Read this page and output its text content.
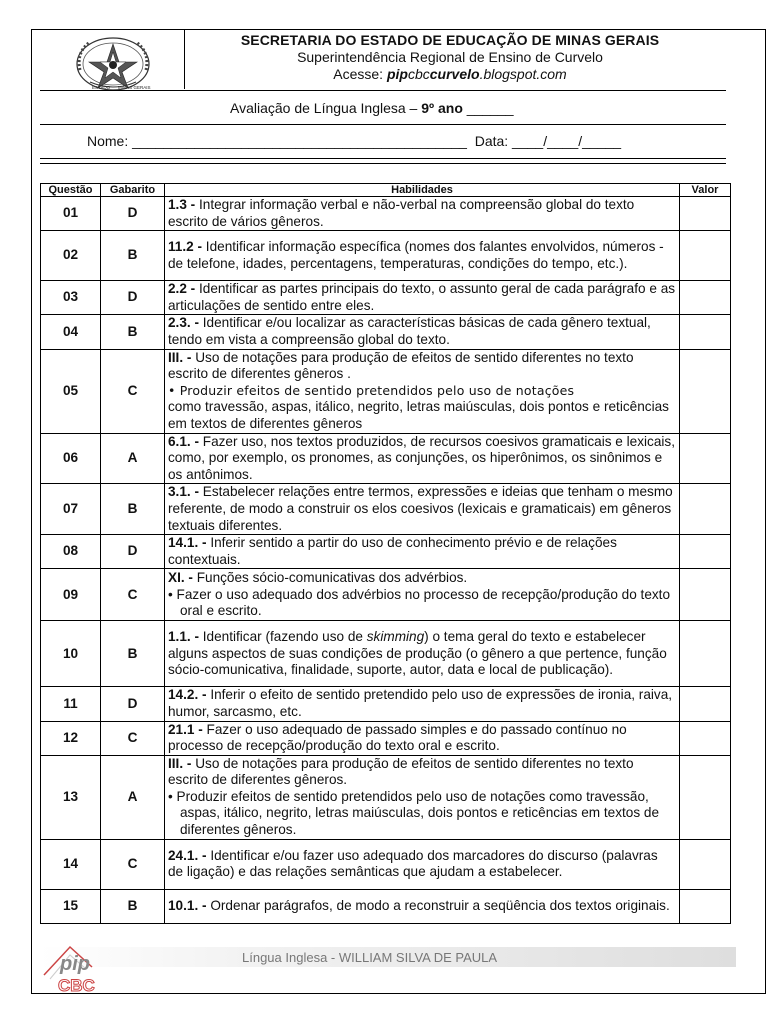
ESTADO MINAS GERAIS
SECRETARIA DO ESTADO DE EDUCAÇÃO DE MINAS GERAIS
Superintendência Regional de Ensino de Curvelo
Acesse: pipcbccurvelo.blogspot.com
Avaliação de Língua Inglesa – 9º ano ______
Nome: ___________________________________________  Data: ____/____/_____
Questão	Gabarito	Habilidades	Valor
01	D	1.3 - Integrar informação verbal e não-verbal na compreensão global do texto escrito de vários gêneros.	
02	B	11.2 - Identificar informação específica (nomes dos falantes envolvidos, números - de telefone, idades, percentagens, temperaturas, condições do tempo, etc.).	
03	D	2.2 - Identificar as partes principais do texto, o assunto geral de cada parágrafo e as articulações de sentido entre eles.	
04	B	2.3. - Identificar e/ou localizar as características básicas de cada gênero textual, tendo em vista a compreensão global do texto.	
05	C	III. - Uso de notações para produção de efeitos de sentido diferentes no texto escrito de diferentes gêneros .
• Produzir efeitos de sentido pretendidos pelo uso de notações
como travessão, aspas, itálico, negrito, letras maiúsculas, dois pontos e reticências em textos de diferentes gêneros	

06	A	6.1. - Fazer uso, nos textos produzidos, de recursos coesivos gramaticais e lexicais, como, por exemplo, os pronomes, as conjunções, os hiperônimos, os sinônimos e os antônimos.	
07	B	3.1. - Estabelecer relações entre termos, expressões e ideias que tenham o mesmo referente, de modo a construir os elos coesivos (lexicais e gramaticais) em gêneros textuais diferentes.	
08	D	14.1. - Inferir sentido a partir do uso de conhecimento prévio e de relações contextuais.	
09	C	XI. - Funções sócio-comunicativas dos advérbios.
• Fazer o uso adequado dos advérbios no processo de recepção/produção do texto oral e escrito.	

10	B	1.1. - Identificar (fazendo uso de skimming) o tema geral do texto e estabelecer alguns aspectos de suas condições de produção (o gênero a que pertence, função sócio-comunicativa, finalidade, suporte, autor, data e local de publicação).	
11	D	14.2. - Inferir o efeito de sentido pretendido pelo uso de expressões de ironia, raiva, humor, sarcasmo, etc.	
12	C	21.1 - Fazer o uso adequado de passado simples e do passado contínuo no processo de recepção/produção do texto oral e escrito.	
13	A	III. - Uso de notações para produção de efeitos de sentido diferentes no texto escrito de diferentes gêneros.
• Produzir efeitos de sentido pretendidos pelo uso de notações como travessão, aspas, itálico, negrito, letras maiúsculas, dois pontos e reticências em textos de diferentes gêneros.	

14	C	24.1. - Identificar e/ou fazer uso adequado dos marcadores do discurso (palavras de ligação) e das relações semânticas que ajudam a estabelecer.	
15	B	10.1. - Ordenar parágrafos, de modo a reconstruir a seqüência dos textos originais.	
pip
CBC
Língua Inglesa - WILLIAM SILVA DE PAULA
